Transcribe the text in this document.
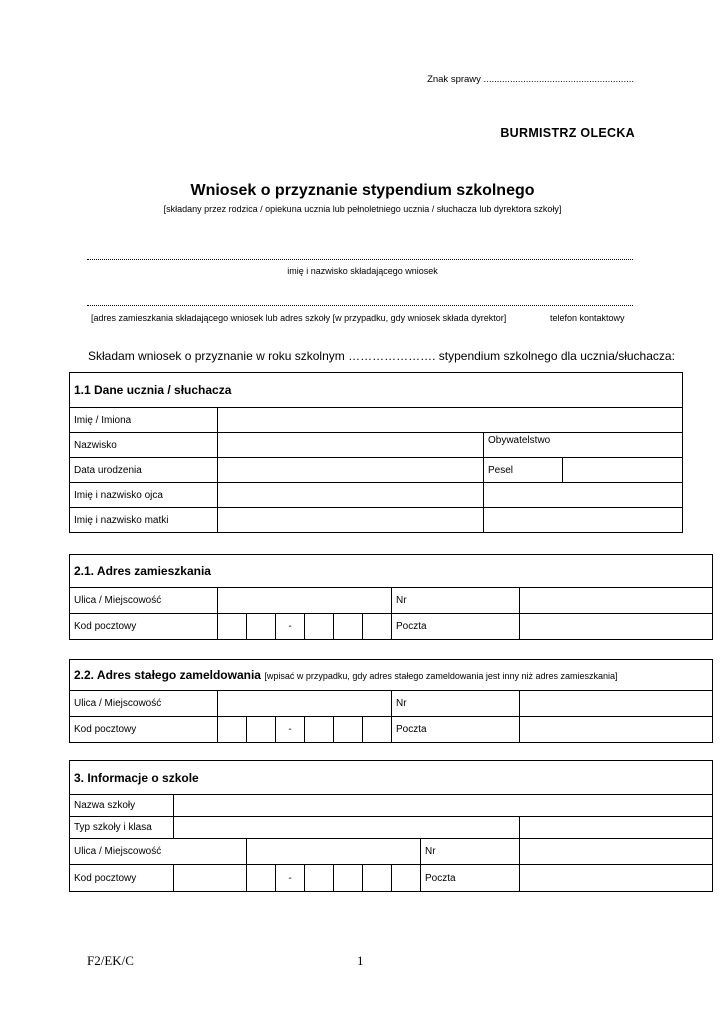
Znak sprawy .........................................................
BURMISTRZ OLECKA
Wniosek o przyznanie stypendium szkolnego
[składany przez rodzica / opiekuna ucznia lub pełnoletniego ucznia / słuchacza lub dyrektora szkoły]
imię i nazwisko składającego wniosek
[adres zamieszkania składającego wniosek lub adres szkoły [w przypadku, gdy wniosek składa dyrektor]	telefon kontaktowy
Składam wniosek o przyznanie w roku szkolnym …………………. stypendium szkolnego dla ucznia/słuchacza:
1.1 Dane ucznia / słuchacza
Imię / Imiona	
Nazwisko		Obywatelstwo
Data urodzenia			Pesel	

Imię i nazwisko ojca		
Imię i nazwisko matki		
2.1. Adres zamieszkania								
Ulica / Miejscowość							Nr	
Kod pocztowy			-				Poczta	
2.2. Adres stałego zameldowania [wpisać w przypadku, gdy adres stałego zameldowania jest inny niż adres zamieszkania]								
Ulica / Miejscowość							Nr	
Kod pocztowy			-				Poczta	
3. Informacje o szkole									
Nazwa szkoły									
Typ szkoły i klasa									
Ulica / Miejscowość								Nr	
Kod pocztowy			-					Poczta	
F2/EK/C	1
